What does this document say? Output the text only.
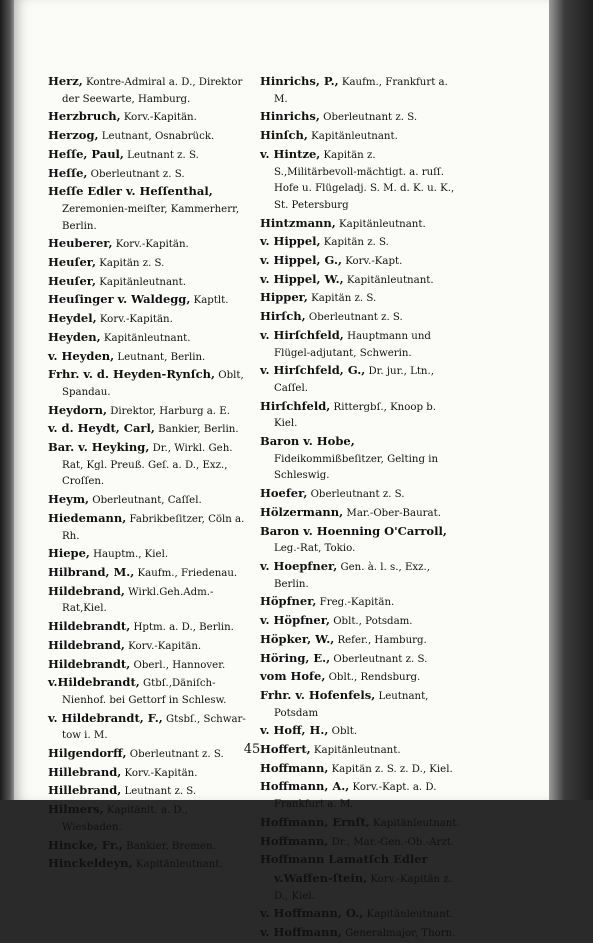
Herz, Kontre-Admiral a. D., Direktor der Seewarte, Hamburg.
Herzbruch, Korv.-Kapitän.
Herzog, Leutnant, Osnabrück.
Heſſe, Paul, Leutnant z. S.
Heſſe, Oberleutnant z. S.
Heſſe Edler v. Heſſenthal, Zeremonien-meiſter, Kammerherr, Berlin.
Heuberer, Korv.-Kapitän.
Heuſer, Kapitän z. S.
Heuſer, Kapitänleutnant.
Heuſinger v. Waldegg, Kaptlt.
Heydel, Korv.-Kapitän.
Heyden, Kapitänleutnant.
v. Heyden, Leutnant, Berlin.
Frhr. v. d. Heyden-Rynſch, Oblt, Spandau.
Heydorn, Direktor, Harburg a. E.
v. d. Heydt, Carl, Bankier, Berlin.
Bar. v. Heyking, Dr., Wirkl. Geh. Rat, Kgl. Preuß. Geſ. a. D., Exz., Croſſen.
Heym, Oberleutnant, Caſſel.
Hiedemann, Fabrikbeſitzer, Cöln a. Rh.
Hiepe, Hauptm., Kiel.
Hilbrand, M., Kaufm., Friedenau.
Hildebrand, Wirkl.Geh.Adm.-Rat,Kiel.
Hildebrandt, Hptm. a. D., Berlin.
Hildebrand, Korv.-Kapitän.
Hildebrandt, Oberl., Hannover.
v.Hildebrandt, Gtbſ.,Däniſch-Nienhof. bei Gettorf in Schlesw.
v. Hildebrandt, F., Gtsbſ., Schwar-tow i. M.
Hilgendorff, Oberleutnant z. S.
Hillebrand, Korv.-Kapitän.
Hillebrand, Leutnant z. S.
Hilmers, Kapitänlt. a. D., Wiesbaden.
Hincke, Fr., Bankier, Bremen.
Hinckeldeyn, Kapitänleutnant.
Hinrichs, P., Kaufm., Frankfurt a. M.
Hinrichs, Oberleutnant z. S.
Hinſch, Kapitänleutnant.
v. Hintze, Kapitän z. S.,Militärbevoll-mächtigt. a. ruſſ. Hofe u. Flügeladj. S. M. d. K. u. K., St. Petersburg
Hintzmann, Kapitänleutnant.
v. Hippel, Kapitän z. S.
v. Hippel, G., Korv.-Kapt.
v. Hippel, W., Kapitänleutnant.
Hipper, Kapitän z. S.
Hirſch, Oberleutnant z. S.
v. Hirſchfeld, Hauptmann und Flügel-adjutant, Schwerin.
v. Hirſchfeld, G., Dr. jur., Ltn., Caſſel.
Hirſchfeld, Rittergbſ., Knoop b. Kiel.
Baron v. Hobe, Fideikommißbeſitzer, Gelting in Schleswig.
Hoefer, Oberleutnant z. S.
Hölzermann, Mar.-Ober-Baurat.
Baron v. Hoenning O'Carroll, Leg.-Rat, Tokio.
v. Hoepfner, Gen. à. l. s., Exz., Berlin.
Höpfner, Freg.-Kapitän.
v. Höpfner, Oblt., Potsdam.
Höpker, W., Refer., Hamburg.
Höring, E., Oberleutnant z. S.
vom Hofe, Oblt., Rendsburg.
Frhr. v. Hofenfels, Leutnant, Potsdam
v. Hoff, H., Oblt.
Hoffert, Kapitänleutnant.
Hoffmann, Kapitän z. S. z. D., Kiel.
Hoffmann, A., Korv.-Kapt. a. D. Frankfurt a. M.
Hoffmann, Ernſt, Kapitänleutnant.
Hoffmann, Dr., Mar.-Gen.-Ob.-Arzt.
Hoffmann Lamatſch Edler v.Waffen-ſtein, Korv.-Kapitän z. D., Kiel.
v. Hoffmann, O., Kapitänleutnant.
v. Hoffmann, Generalmajor, Thorn.
45
